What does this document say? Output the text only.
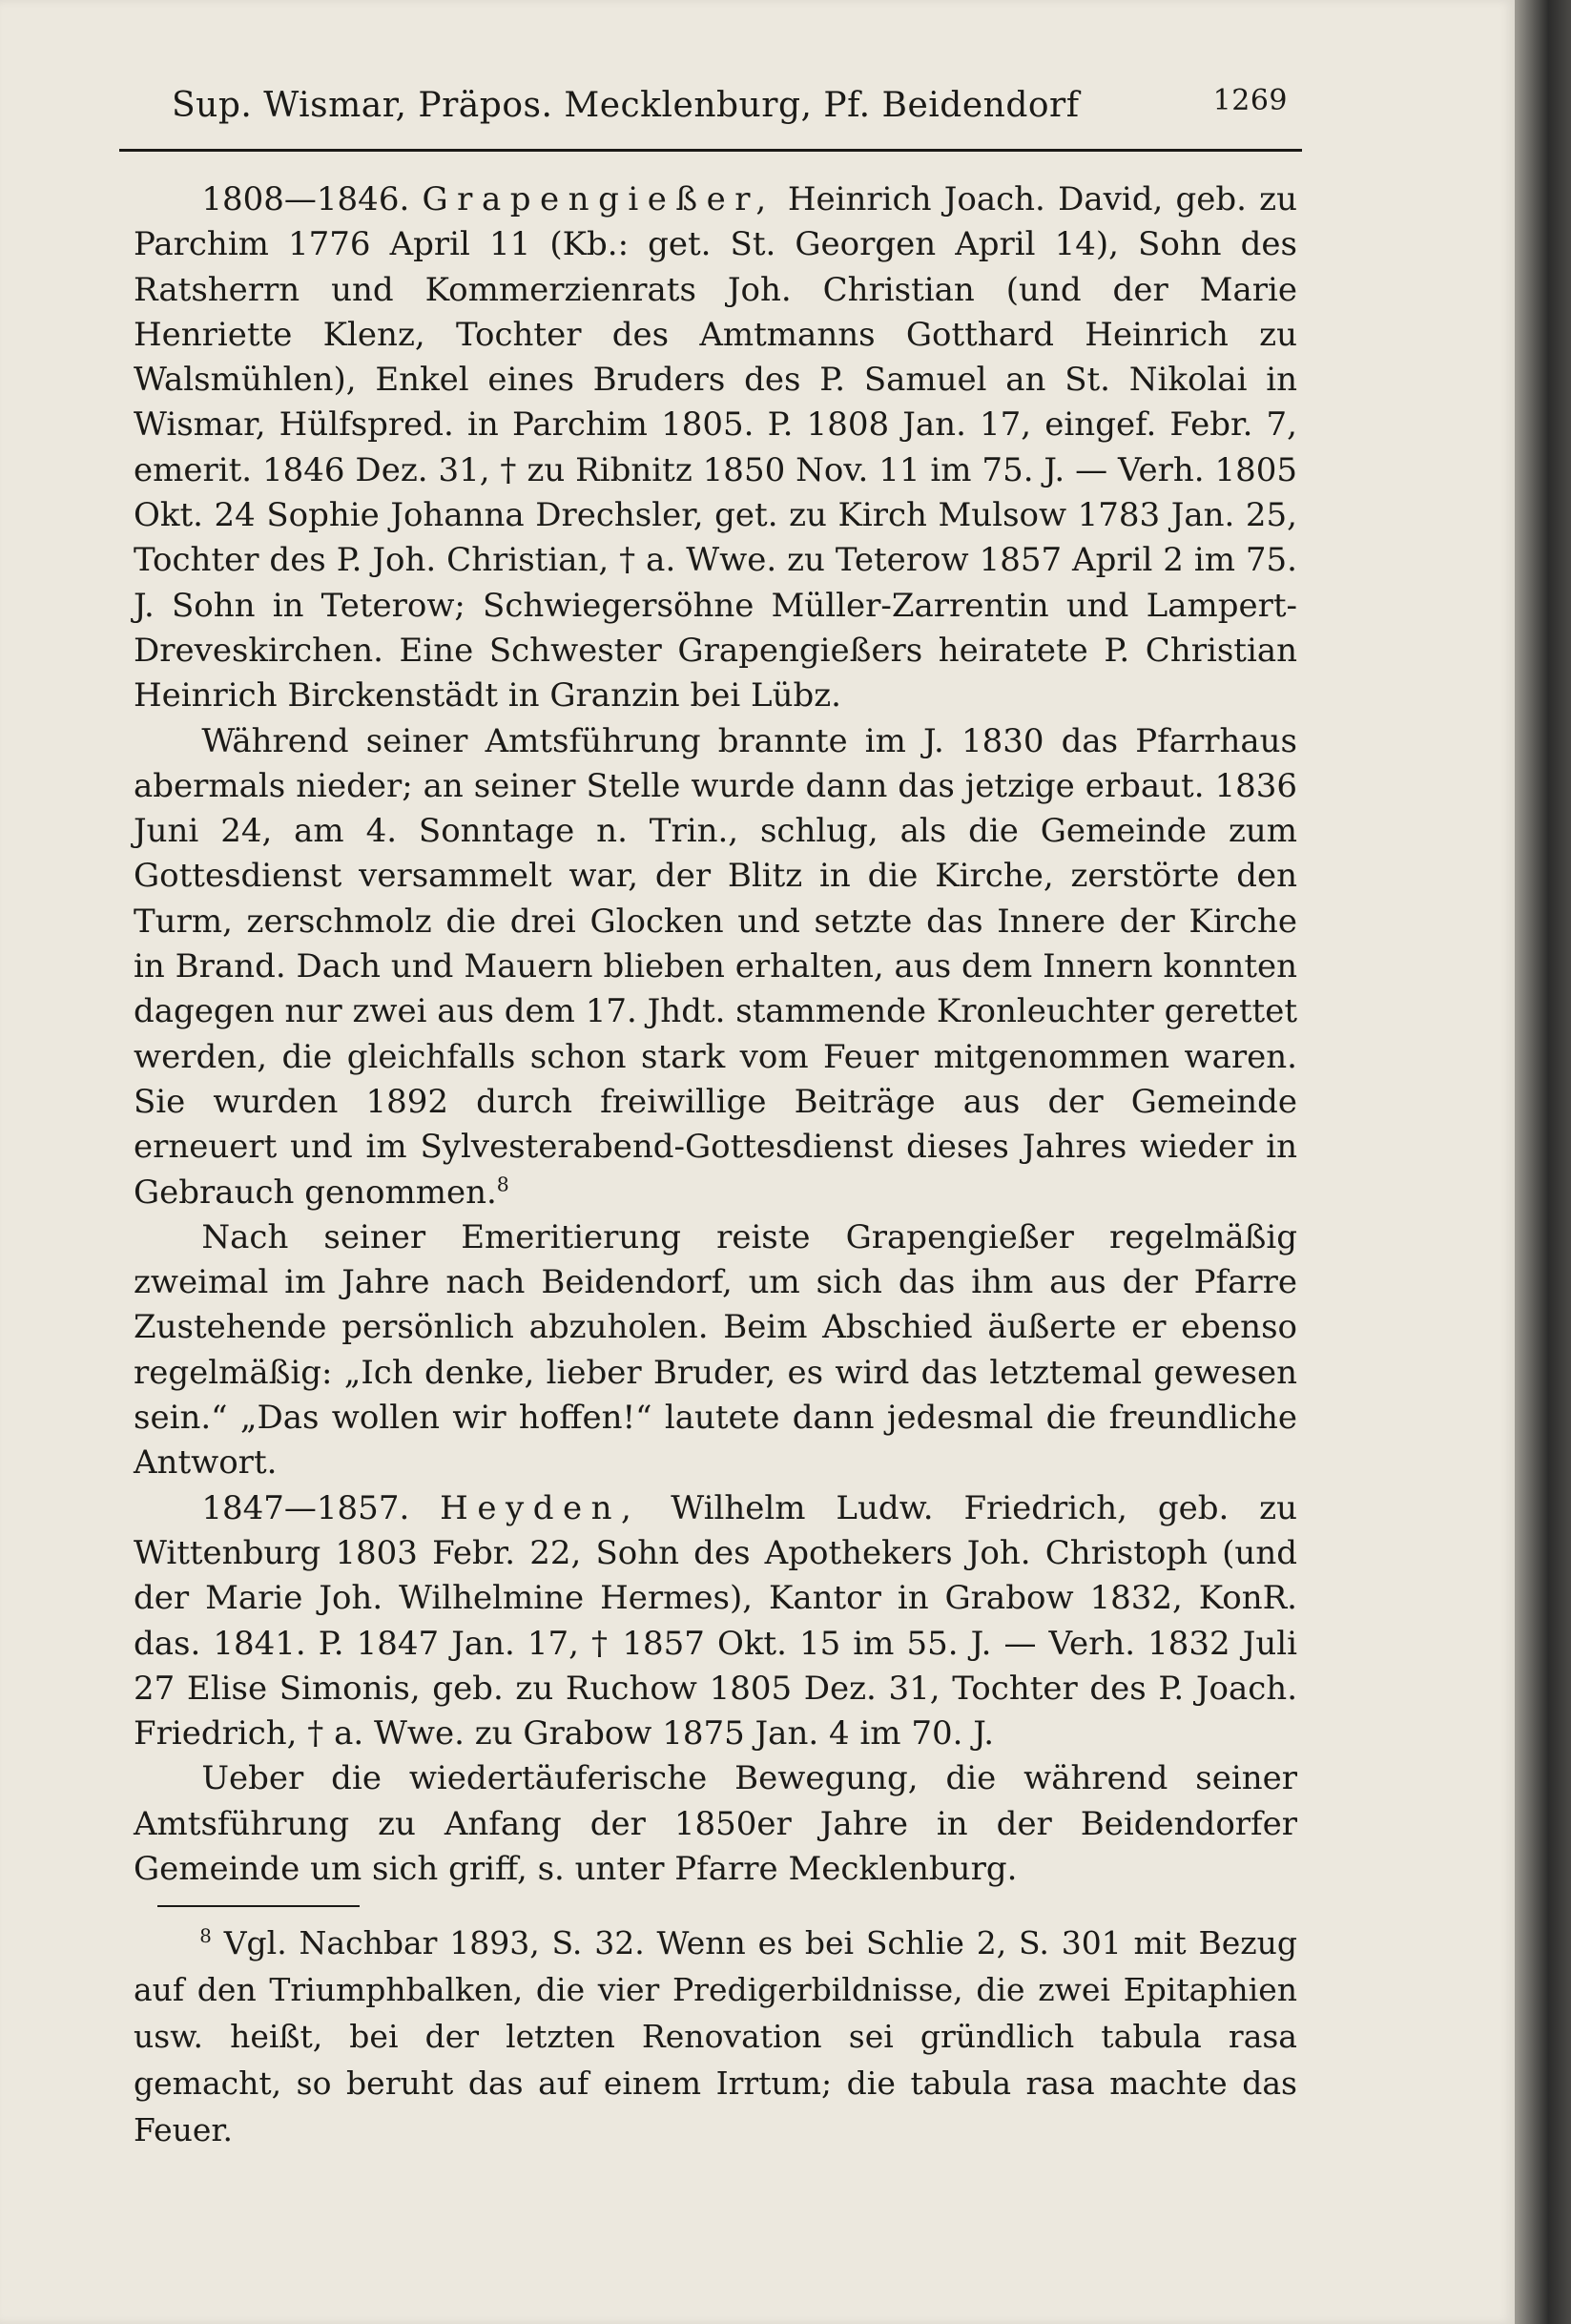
Sup. Wismar, Präpos. Mecklenburg, Pf. Beidendorf	1269

1808—1846. Grapengießer, Heinrich Joach. David, geb. zu Parchim 1776 April 11 (Kb.: get. St. Georgen April 14), Sohn des Ratsherrn und Kommerzienrats Joh. Christian (und der Marie Henriette Klenz, Tochter des Amtmanns Gotthard Heinrich zu Walsmühlen), Enkel eines Bruders des P. Samuel an St. Nikolai in Wismar, Hülfspred. in Parchim 1805. P. 1808 Jan. 17, eingef. Febr. 7, emerit. 1846 Dez. 31, † zu Ribnitz 1850 Nov. 11 im 75. J. — Verh. 1805 Okt. 24 Sophie Johanna Drechsler, get. zu Kirch Mulsow 1783 Jan. 25, Tochter des P. Joh. Christian, † a. Wwe. zu Teterow 1857 April 2 im 75. J. Sohn in Teterow; Schwiegersöhne Müller-Zarrentin und Lampert-Dreveskirchen. Eine Schwester Grapengießers heiratete P. Christian Heinrich Birckenstädt in Granzin bei Lübz.

Während seiner Amtsführung brannte im J. 1830 das Pfarrhaus abermals nieder; an seiner Stelle wurde dann das jetzige erbaut. 1836 Juni 24, am 4. Sonntage n. Trin., schlug, als die Gemeinde zum Gottesdienst versammelt war, der Blitz in die Kirche, zerstörte den Turm, zerschmolz die drei Glocken und setzte das Innere der Kirche in Brand. Dach und Mauern blieben erhalten, aus dem Innern konnten dagegen nur zwei aus dem 17. Jhdt. stammende Kronleuchter gerettet werden, die gleichfalls schon stark vom Feuer mitgenommen waren. Sie wurden 1892 durch freiwillige Beiträge aus der Gemeinde erneuert und im Sylvesterabend-Gottesdienst dieses Jahres wieder in Gebrauch genommen.$^8$

Nach seiner Emeritierung reiste Grapengießer regelmäßig zweimal im Jahre nach Beidendorf, um sich das ihm aus der Pfarre Zustehende persönlich abzuholen. Beim Abschied äußerte er ebenso regelmäßig: „Ich denke, lieber Bruder, es wird das letztemal gewesen sein.“ „Das wollen wir hoffen!“ lautete dann jedesmal die freundliche Antwort.

1847—1857. Heyden, Wilhelm Ludw. Friedrich, geb. zu Wittenburg 1803 Febr. 22, Sohn des Apothekers Joh. Christoph (und der Marie Joh. Wilhelmine Hermes), Kantor in Grabow 1832, KonR. das. 1841. P. 1847 Jan. 17, † 1857 Okt. 15 im 55. J. — Verh. 1832 Juli 27 Elise Simonis, geb. zu Ruchow 1805 Dez. 31, Tochter des P. Joach. Friedrich, † a. Wwe. zu Grabow 1875 Jan. 4 im 70. J.

Ueber die wiedertäuferische Bewegung, die während seiner Amtsführung zu Anfang der 1850er Jahre in der Beidendorfer Gemeinde um sich griff, s. unter Pfarre Mecklenburg.

$^8$ Vgl. Nachbar 1893, S. 32. Wenn es bei Schlie 2, S. 301 mit Bezug auf den Triumphbalken, die vier Predigerbildnisse, die zwei Epitaphien usw. heißt, bei der letzten Renovation sei gründlich tabula rasa gemacht, so beruht das auf einem Irrtum; die tabula rasa machte das Feuer.
